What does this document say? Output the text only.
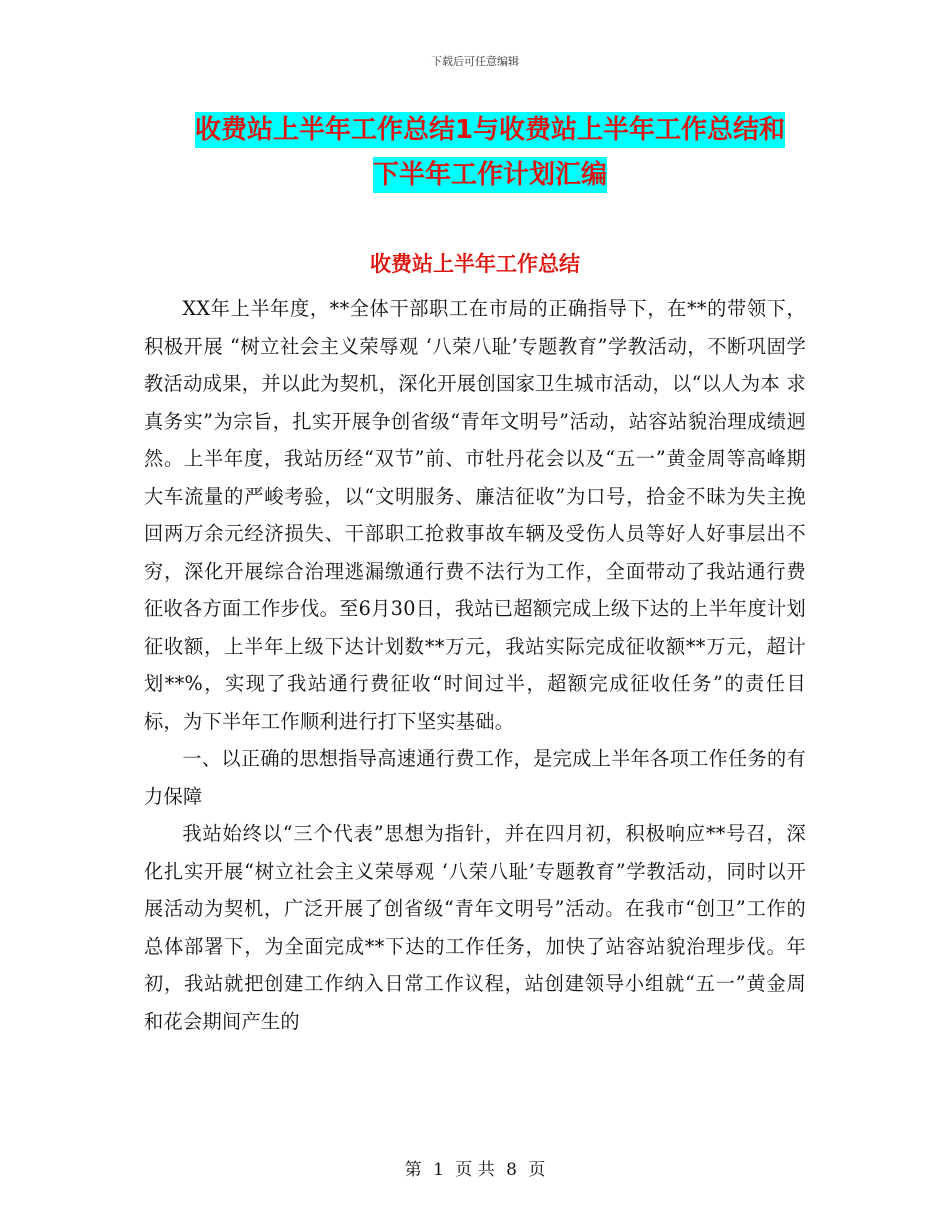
下载后可任意编辑
收费站上半年工作总结1与收费站上半年工作总结和
下半年工作计划汇编
收费站上半年工作总结

XX年上半年度，**全体干部职工在市局的正确指导下，在**的带领下，积极开展 “树立社会主义荣辱观 ‘八荣八耻’专题教育”学教活动，不断巩固学教活动成果，并以此为契机，深化开展创国家卫生城市活动，以“以人为本 求真务实”为宗旨，扎实开展争创省级“青年文明号”活动，站容站貌治理成绩迥然。上半年度，我站历经“双节”前、市牡丹花会以及“五一”黄金周等高峰期大车流量的严峻考验，以“文明服务、廉洁征收”为口号，拾金不昧为失主挽回两万余元经济损失、干部职工抢救事故车辆及受伤人员等好人好事层出不穷，深化开展综合治理逃漏缴通行费不法行为工作，全面带动了我站通行费征收各方面工作步伐。至6月30日，我站已超额完成上级下达的上半年度计划征收额，上半年上级下达计划数**万元，我站实际完成征收额**万元，超计划**%，实现了我站通行费征收“时间过半，超额完成征收任务”的责任目标，为下半年工作顺利进行打下坚实基础。

一、以正确的思想指导高速通行费工作，是完成上半年各项工作任务的有力保障

我站始终以“三个代表”思想为指针，并在四月初，积极响应**号召，深化扎实开展“树立社会主义荣辱观 ‘八荣八耻’专题教育”学教活动，同时以开展活动为契机，广泛开展了创省级“青年文明号”活动。在我市“创卫”工作的总体部署下，为全面完成**下达的工作任务，加快了站容站貌治理步伐。年初，我站就把创建工作纳入日常工作议程，站创建领导小组就“五一”黄金周和花会期间产生的

第 1 页 共 8 页
